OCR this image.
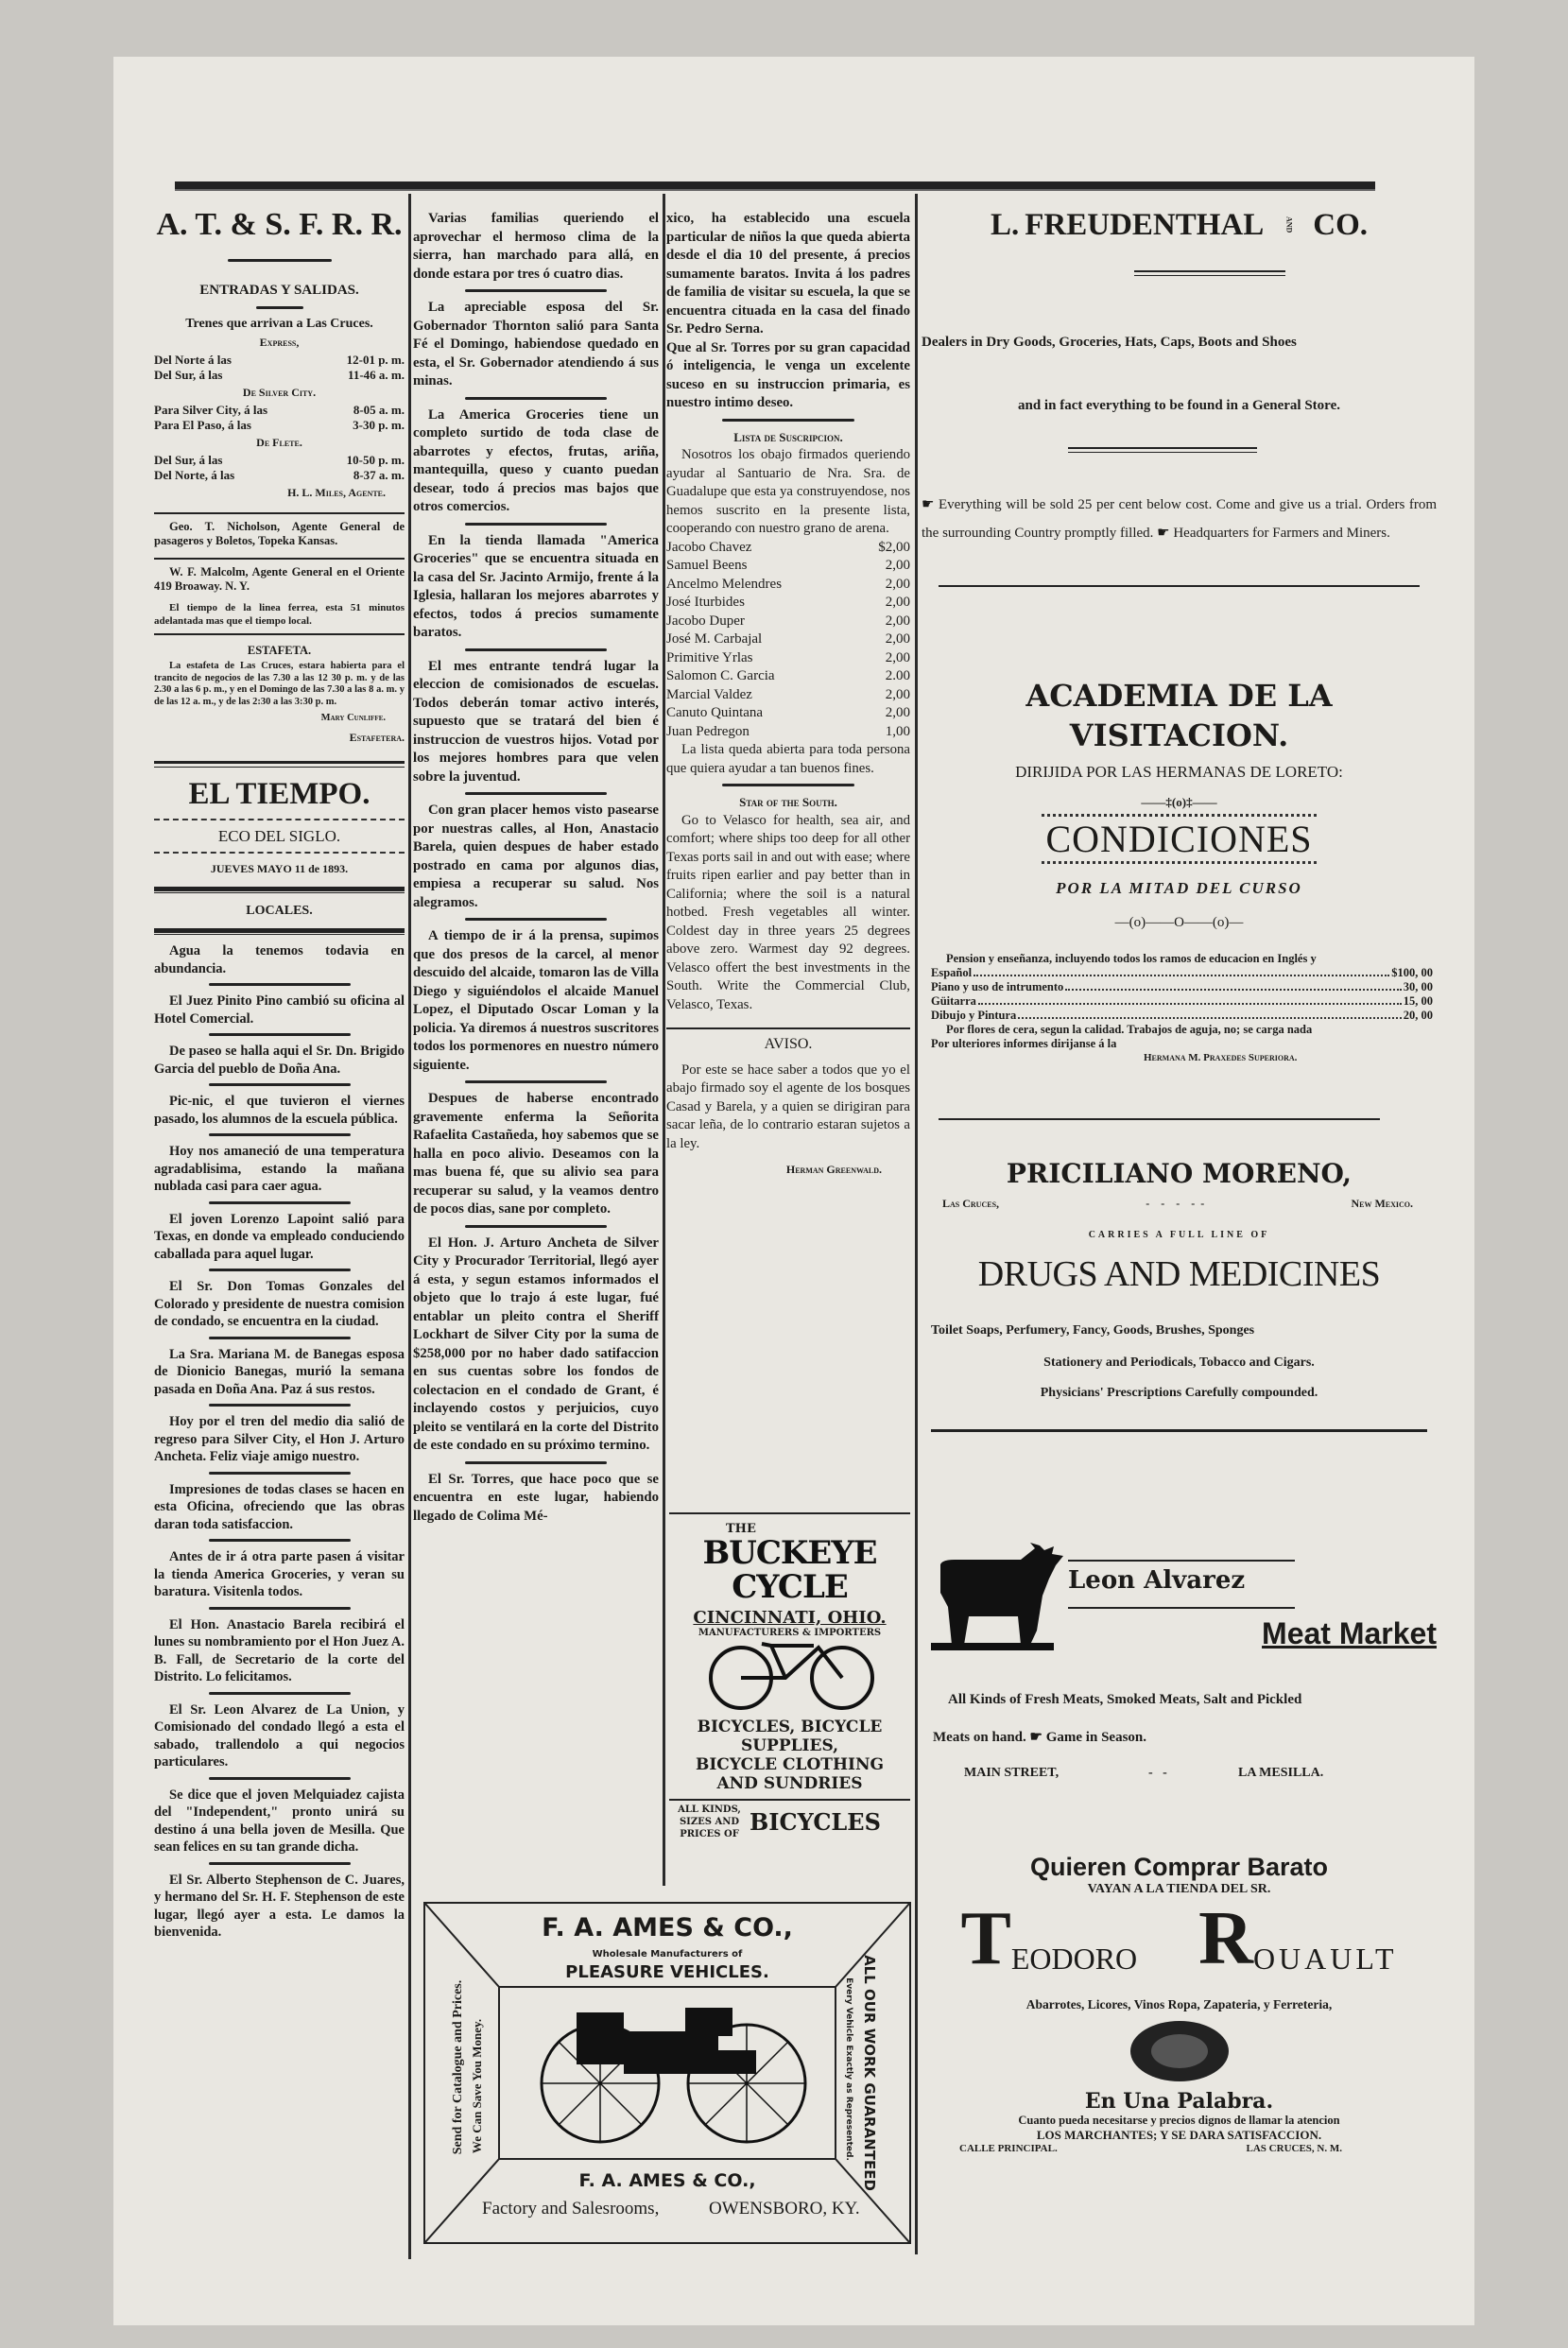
A. T. & S. F. R. R.
ENTRADAS Y SALIDAS.
Trenes que arrivan a Las Cruces.
Express,
Del Norte á las	12-01 p. m.
Del Sur, á las	11-46 a. m.
De Silver City.
Para Silver City, á las	8-05 a. m.
Para El Paso, á las	3-30 p. m.
De Flete.
Del Sur, á las	10-50 p. m.
Del Norte, á las	8-37 a. m.
H. L. Miles, Agente.
Geo. T. Nicholson, Agente General de pasageros y Boletos, Topeka Kansas.
W. F. Malcolm, Agente General en el Oriente 419 Broaway. N. Y.
El tiempo de la linea ferrea, esta 51 minutos adelantada mas que el tiempo local.
ESTAFETA.
La estafeta de Las Cruces, estara habierta para el trancito de negocios de las 7.30 a las 12 30 p. m. y de las 2.30 a las 6 p. m., y en el Domingo de las 7.30 a las 8 a. m. y de las 12 a. m., y de las 2:30 a las 3:30 p. m.
Mary Cunliffe.
Estafetera.
EL TIEMPO.
ECO DEL SIGLO.
JUEVES MAYO 11 de 1893.
LOCALES.
Agua la tenemos todavia en abundancia.
El Juez Pinito Pino cambió su oficina al Hotel Comercial.
De paseo se halla aqui el Sr. Dn. Brigido Garcia del pueblo de Doña Ana.
Pic-nic, el que tuvieron el viernes pasado, los alumnos de la escuela pública.
Hoy nos amaneció de una temperatura agradablisima, estando la mañana nublada casi para caer agua.
El joven Lorenzo Lapoint salió para Texas, en donde va empleado conduciendo caballada para aquel lugar.
El Sr. Don Tomas Gonzales del Colorado y presidente de nuestra comision de condado, se encuentra en la ciudad.
La Sra. Mariana M. de Banegas esposa de Dionicio Banegas, murió la semana pasada en Doña Ana. Paz á sus restos.
Hoy por el tren del medio dia salió de regreso para Silver City, el Hon J. Arturo Ancheta. Feliz viaje amigo nuestro.
Impresiones de todas clases se hacen en esta Oficina, ofreciendo que las obras daran toda satisfaccion.
Antes de ir á otra parte pasen á visitar la tienda America Groceries, y veran su baratura. Visitenla todos.
El Hon. Anastacio Barela recibirá el lunes su nombramiento por el Hon Juez A. B. Fall, de Secretario de la corte del Distrito. Lo felicitamos.
El Sr. Leon Alvarez de La Union, y Comisionado del condado llegó a esta el sabado, trallendolo a qui negocios particulares.
Se dice que el joven Melquiadez cajista del "Independent," pronto unirá su destino á una bella joven de Mesilla. Que sean felices en su tan grande dicha.
El Sr. Alberto Stephenson de C. Juares, y hermano del Sr. H. F. Stephenson de este lugar, llegó ayer a esta. Le damos la bienvenida.
Varias familias queriendo el aprovechar el hermoso clima de la sierra, han marchado para allá, en donde estara por tres ó cuatro dias.
La apreciable esposa del Sr. Gobernador Thornton salió para Santa Fé el Domingo, habiendose quedado en esta, el Sr. Gobernador atendiendo á sus minas.
La America Groceries tiene un completo surtido de toda clase de abarrotes y efectos, frutas, ariña, mantequilla, queso y cuanto puedan desear, todo á precios mas bajos que otros comercios.
En la tienda llamada "America Groceries" que se encuentra situada en la casa del Sr. Jacinto Armijo, frente á la Iglesia, hallaran los mejores abarrotes y efectos, todos á precios sumamente baratos.
El mes entrante tendrá lugar la eleccion de comisionados de escuelas. Todos deberán tomar activo interés, supuesto que se tratará del bien é instruccion de vuestros hijos. Votad por los mejores hombres para que velen sobre la juventud.
Con gran placer hemos visto pasearse por nuestras calles, al Hon, Anastacio Barela, quien despues de haber estado postrado en cama por algunos dias, empiesa a recuperar su salud. Nos alegramos.
A tiempo de ir á la prensa, supimos que dos presos de la carcel, al menor descuido del alcaide, tomaron las de Villa Diego y siguiéndolos el alcaide Manuel Lopez, el Diputado Oscar Loman y la policia. Ya diremos á nuestros suscritores todos los pormenores en nuestro número siguiente.
Despues de haberse encontrado gravemente enferma la Señorita Rafaelita Castañeda, hoy sabemos que se halla en poco alivio. Deseamos con la mas buena fé, que su alivio sea para recuperar su salud, y la veamos dentro de pocos dias, sane por completo.
El Hon. J. Arturo Ancheta de Silver City y Procurador Territorial, llegó ayer á esta, y segun estamos informados el objeto que lo trajo á este lugar, fué entablar un pleito contra el Sheriff Lockhart de Silver City por la suma de $258,000 por no haber dado satifaccion en sus cuentas sobre los fondos de colectacion en el condado de Grant, é inclayendo costos y perjuicios, cuyo pleito se ventilará en la corte del Distrito de este condado en su próximo termino.
El Sr. Torres, que hace poco que se encuentra en este lugar, habiendo llegado de Colima Mé-
xico, ha establecido una escuela particular de niños la que queda abierta desde el dia 10 del presente, á precios sumamente baratos. Invita á los padres de familia de visitar su escuela, la que se encuentra cituada en la casa del finado Sr. Pedro Serna.
Que al Sr. Torres por su gran capacidad ó inteligencia, le venga un excelente suceso en su instruccion primaria, es nuestro intimo deseo.
Lista de Suscripcion.
Nosotros los obajo firmados queriendo ayudar al Santuario de Nra. Sra. de Guadalupe que esta ya construyendose, nos hemos suscrito en la presente lista, cooperando con nuestro grano de arena.
Jacobo Chavez	$2,00
Samuel Beens	2,00
Ancelmo Melendres	2,00
José Iturbides	2,00
Jacobo Duper	2,00
José M. Carbajal	2,00
Primitive Yrlas	2,00
Salomon C. Garcia	2.00
Marcial Valdez	2,00
Canuto Quintana	2,00
Juan Pedregon	1,00
La lista queda abierta para toda persona que quiera ayudar a tan buenos fines.
Star of the South.
Go to Velasco for health, sea air, and comfort; where ships too deep for all other Texas ports sail in and out with ease; where fruits ripen earlier and pay better than in California; where the soil is a natural hotbed. Fresh vegetables all winter. Coldest day in three years 25 degrees above zero. Warmest day 92 degrees. Velasco offert the best investments in the South. Write the Commercial Club, Velasco, Texas.
AVISO.
Por este se hace saber a todos que yo el abajo firmado soy el agente de los bosques Casad y Barela, y a quien se dirigiran para sacar leña, de lo contrario estaran sujetos a la ley.
Herman Greenwald.
THE
BUCKEYE CYCLE
CINCINNATI, OHIO.
MANUFACTURERS & IMPORTERS
BICYCLES, BICYCLE SUPPLIES,
BICYCLE CLOTHING
AND SUNDRIES
ALL KINDS, SIZES AND PRICES OF BICYCLES
F. A. AMES & CO.,
Wholesale Manufacturers of
PLEASURE VEHICLES.
F. A. AMES & CO.,
Factory and Salesrooms,	OWENSBORO, KY.
Send for Catalogue and Prices. We Can Save You Money.	ALL OUR WORK GUARANTEED
Every Vehicle Exactly as Represented.
L. FREUDENTHAL	AND CO.
Dealers in Dry Goods, Groceries, Hats, Caps, Boots and Shoes
and in fact everything to be found in a General Store.
☛ Everything will be sold 25 per cent below cost. Come and give us a trial. Orders from the surrounding Country promptly filled. ☛ Headquarters for Farmers and Miners.
ACADEMIA DE LA VISITACION.
DIRIJIDA POR LAS HERMANAS DE LORETO:
——‡(o)‡——
CONDICIONES
POR LA MITAD DEL CURSO
—(o)——O——(o)—
Pension y enseñanza, incluyendo todos los ramos de educacion en Inglés y
Español	$100, 00
Piano y uso de intrumento	30, 00
Güitarra	15, 00
Dibujo y Pintura	20, 00
Por flores de cera, segun la calidad. Trabajos de aguja, no; se carga nada
Por ulteriores informes dirijanse á la
Hermana M. Praxedes Superiora.
PRICILIANO MORENO,
Las Cruces,	-    -    -    -  -	New Mexico.
CARRIES A FULL LINE OF
DRUGS AND MEDICINES
Toilet Soaps, Perfumery, Fancy, Goods, Brushes, Sponges
Stationery and Periodicals, Tobacco and Cigars.
Physicians' Prescriptions Carefully compounded.
Leon Alvarez
Meat Market
All Kinds of Fresh Meats, Smoked Meats, Salt and Pickled
Meats on hand. ☛ Game in Season.
MAIN STREET,	-   -	LA MESILLA.
Quieren Comprar Barato
VAYAN A LA TIENDA DEL SR.
T EODORO R OUAULT
Abarrotes, Licores, Vinos Ropa, Zapateria, y Ferreteria,
En Una Palabra.
Cuanto pueda necesitarse y precios dignos de llamar la atencion
LOS MARCHANTES; Y SE DARA SATISFACCION.
CALLE PRINCIPAL.	LAS CRUCES, N. M.
